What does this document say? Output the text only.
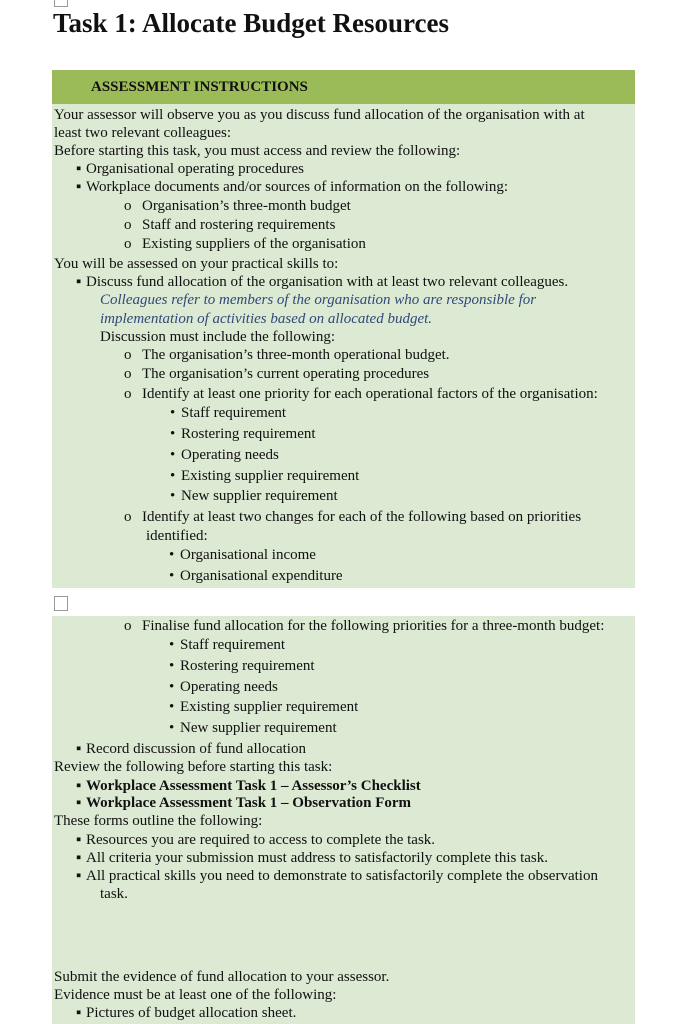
Task 1: Allocate Budget Resources
ASSESSMENT INSTRUCTIONS
Your assessor will observe you as you discuss fund allocation of the organisation with at
least two relevant colleagues:
Before starting this task, you must access and review the following:
▪ Organisational operating procedures
▪ Workplace documents and/or sources of information on the following:
o Organisation’s three-month budget
o Staff and rostering requirements
o Existing suppliers of the organisation
You will be assessed on your practical skills to:
▪ Discuss fund allocation of the organisation with at least two relevant colleagues.
Colleagues refer to members of the organisation who are responsible for
implementation of activities based on allocated budget.
Discussion must include the following:
o The organisation’s three-month operational budget.
o The organisation’s current operating procedures
o Identify at least one priority for each operational factors of the organisation:
• Staff requirement
• Rostering requirement
• Operating needs
• Existing supplier requirement
• New supplier requirement
o Identify at least two changes for each of the following based on priorities
identified:
• Organisational income
• Organisational expenditure
o Finalise fund allocation for the following priorities for a three-month budget:
• Staff requirement
• Rostering requirement
• Operating needs
• Existing supplier requirement
• New supplier requirement
▪ Record discussion of fund allocation
Review the following before starting this task:
▪ Workplace Assessment Task 1 – Assessor’s Checklist
▪ Workplace Assessment Task 1 – Observation Form
These forms outline the following:
▪ Resources you are required to access to complete the task.
▪ All criteria your submission must address to satisfactorily complete this task.
▪ All practical skills you need to demonstrate to satisfactorily complete the observation
task.
Submit the evidence of fund allocation to your assessor.
Evidence must be at least one of the following:
▪ Pictures of budget allocation sheet.
